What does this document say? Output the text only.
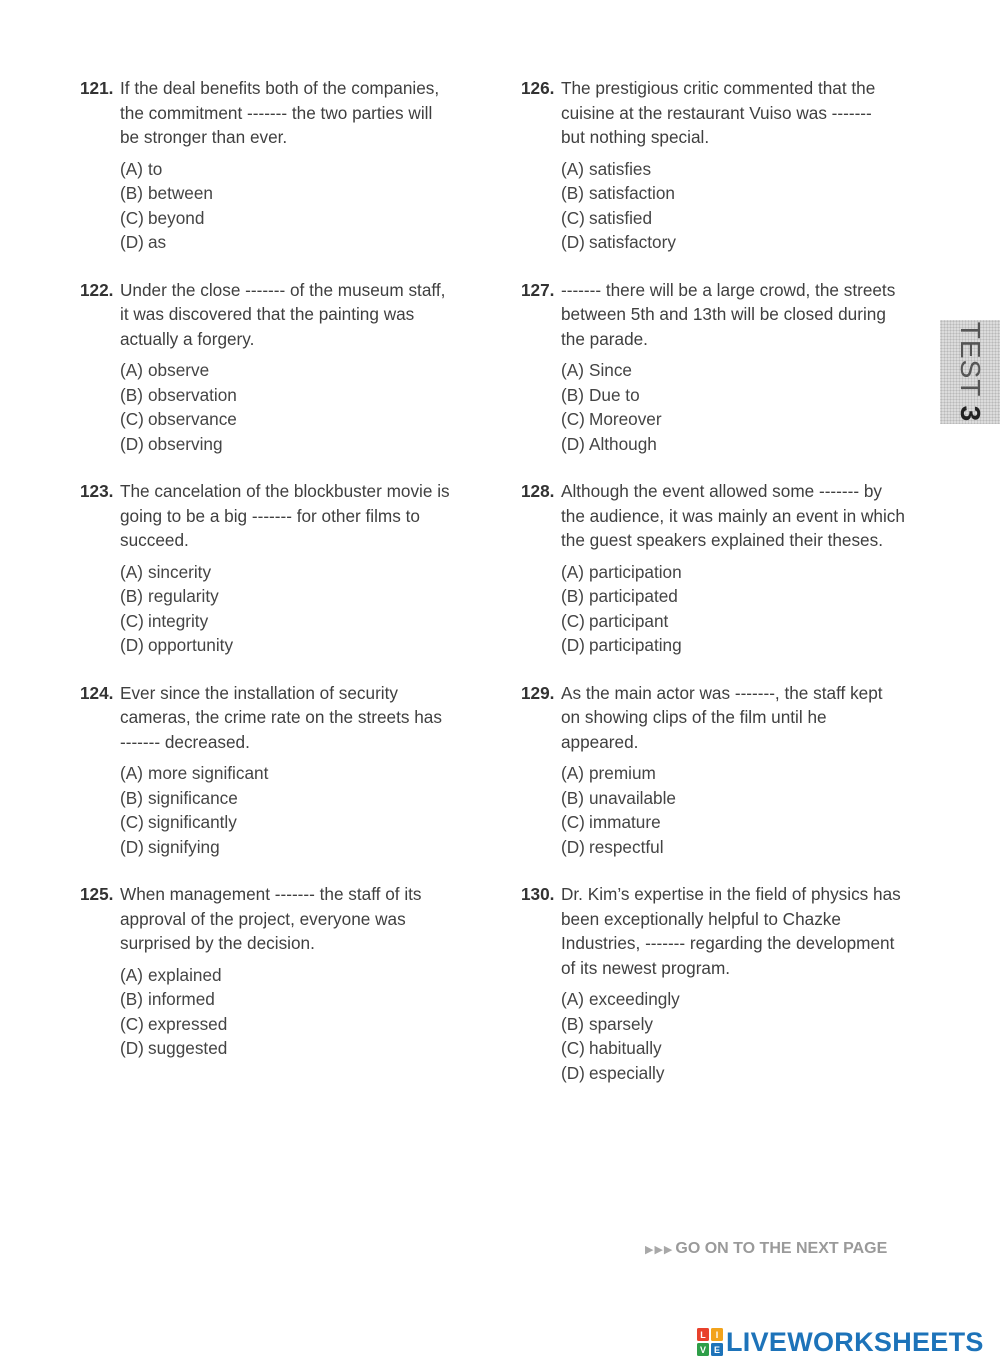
121. If the deal benefits both of the companies,
the commitment ------- the two parties will
be stronger than ever.
(A) to
(B) between
(C) beyond
(D) as
122. Under the close ------- of the museum staff,
it was discovered that the painting was
actually a forgery.
(A) observe
(B) observation
(C) observance
(D) observing
123. The cancelation of the blockbuster movie is
going to be a big ------- for other films to
succeed.
(A) sincerity
(B) regularity
(C) integrity
(D) opportunity
124. Ever since the installation of security
cameras, the crime rate on the streets has
------- decreased.
(A) more significant
(B) significance
(C) significantly
(D) signifying
125. When management ------- the staff of its
approval of the project, everyone was
surprised by the decision.
(A) explained
(B) informed
(C) expressed
(D) suggested
126. The prestigious critic commented that the
cuisine at the restaurant Vuiso was -------
but nothing special.
(A) satisfies
(B) satisfaction
(C) satisfied
(D) satisfactory
127. ------- there will be a large crowd, the streets
between 5th and 13th will be closed during
the parade.
(A) Since
(B) Due to
(C) Moreover
(D) Although
128. Although the event allowed some ------- by
the audience, it was mainly an event in which
the guest speakers explained their theses.
(A) participation
(B) participated
(C) participant
(D) participating
129. As the main actor was -------, the staff kept
on showing clips of the film until he
appeared.
(A) premium
(B) unavailable
(C) immature
(D) respectful
130. Dr. Kim’s expertise in the field of physics has
been exceptionally helpful to Chazke
Industries, ------- regarding the development
of its newest program.
(A) exceedingly
(B) sparsely
(C) habitually
(D) especially
TEST 3
▶▶▶ GO ON TO THE NEXT PAGE
L I
V E LIVEWORKSHEETS
